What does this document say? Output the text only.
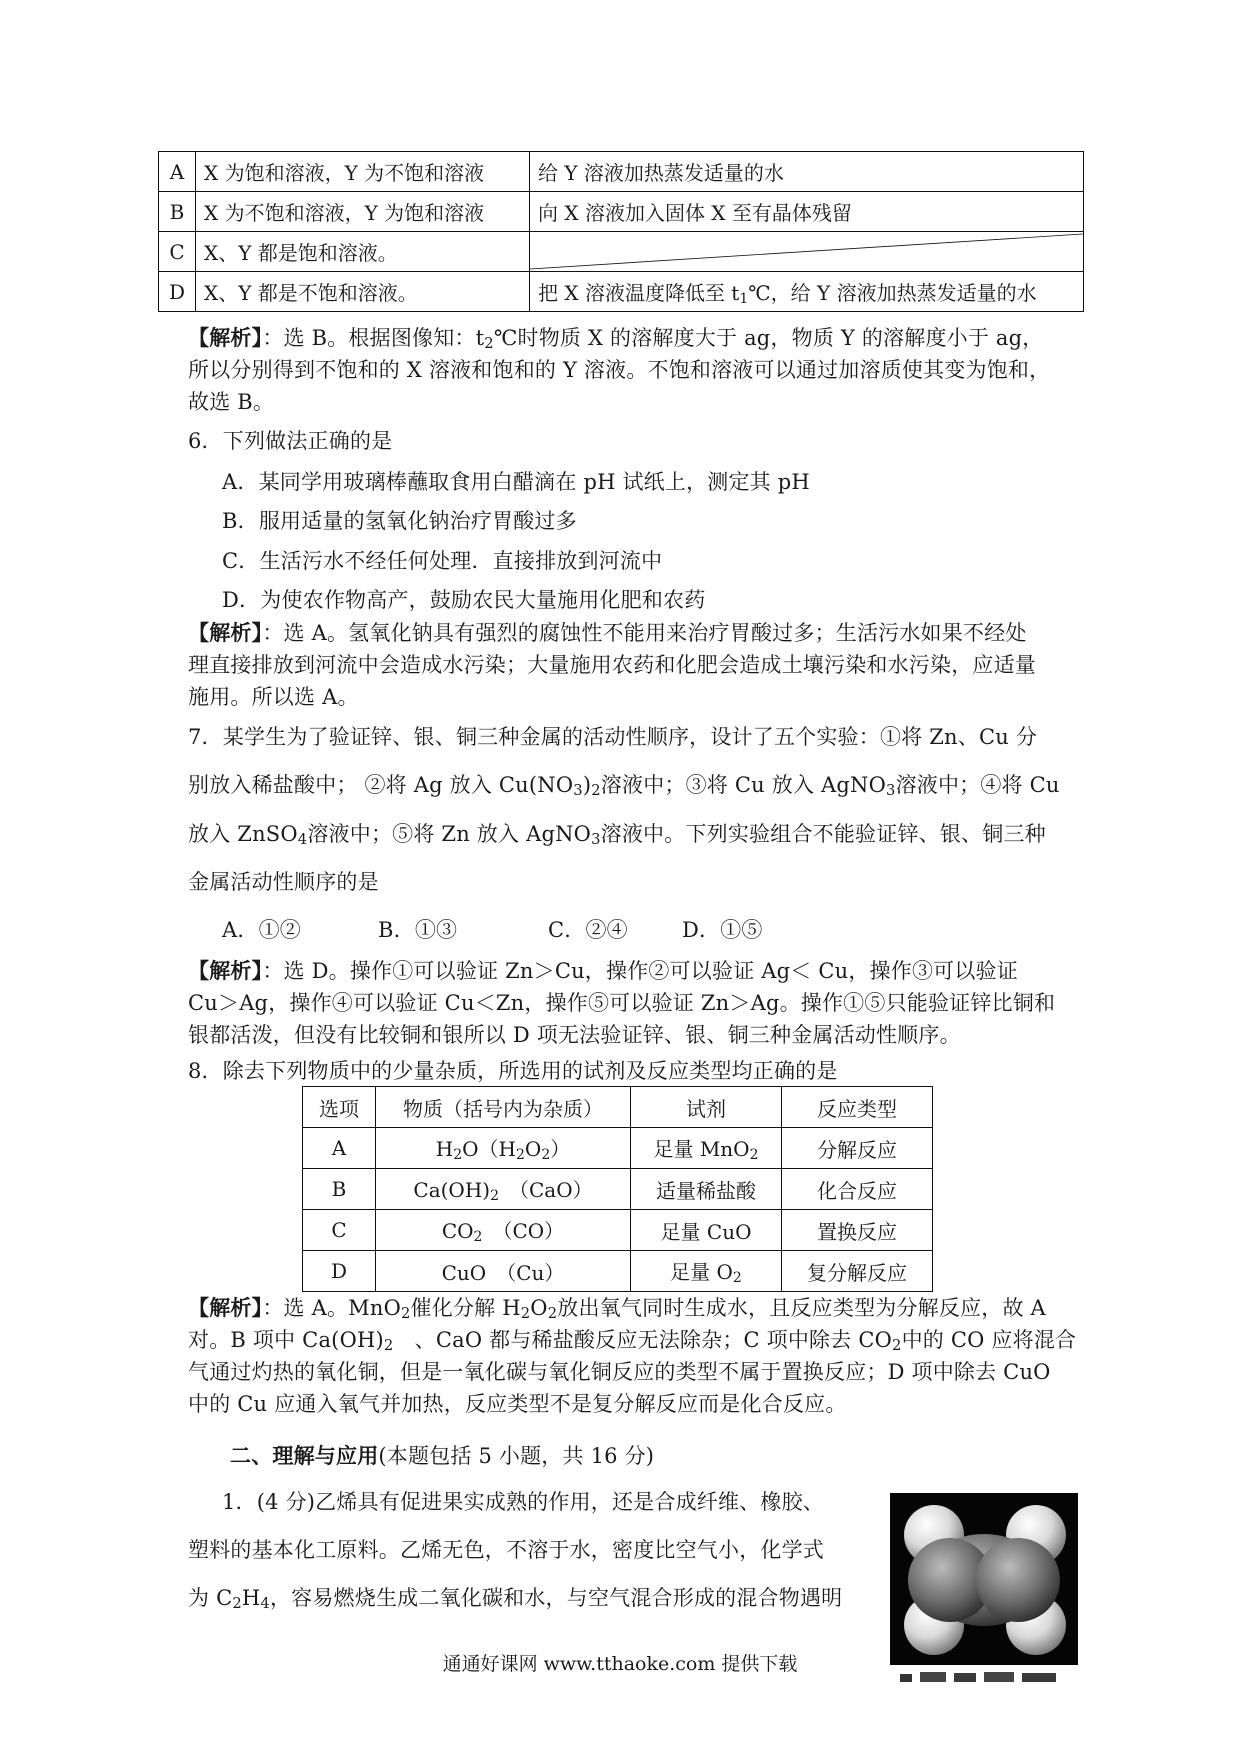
A	X 为饱和溶液，Y 为不饱和溶液	给 Y 溶液加热蒸发适量的水
B	X 为不饱和溶液，Y 为饱和溶液	向 X 溶液加入固体 X 至有晶体残留
C	X、Y 都是饱和溶液。	

D	X、Y 都是不饱和溶液。	把 X 溶液温度降低至 $t_1℃$，给 Y 溶液加热蒸发适量的水
【解析】：选 B。根据图像知：$t_2℃$时物质 X 的溶解度大于 ag，物质 Y 的溶解度小于 ag，
所以分别得到不饱和的 X 溶液和饱和的 Y 溶液。不饱和溶液可以通过加溶质使其变为饱和，
故选 B。
6．下列做法正确的是
A．某同学用玻璃棒蘸取食用白醋滴在 pH 试纸上，测定其 pH
B．服用适量的氢氧化钠治疗胃酸过多
C．生活污水不经任何处理．直接排放到河流中
D．为使农作物高产，鼓励农民大量施用化肥和农药
【解析】：选 A。氢氧化钠具有强烈的腐蚀性不能用来治疗胃酸过多；生活污水如果不经处
理直接排放到河流中会造成水污染；大量施用农药和化肥会造成土壤污染和水污染，应适量
施用。所以选 A。
7．某学生为了验证锌、银、铜三种金属的活动性顺序，设计了五个实验：①将 Zn、Cu 分
别放入稀盐酸中； ②将 Ag 放入 $Cu(NO_3)_2$溶液中；③将 Cu 放入 AgNO$_3$溶液中；④将 Cu
放入 ZnSO$_4$溶液中；⑤将 Zn 放入 AgNO$_3$溶液中。下列实验组合不能验证锌、银、铜三种
金属活动性顺序的是
A．①②	B．①③	C．②④	D．①⑤
【解析】：选 D。操作①可以验证 Zn＞Cu，操作②可以验证 Ag＜ Cu，操作③可以验证
Cu＞Ag，操作④可以验证 Cu＜Zn，操作⑤可以验证 Zn＞Ag。操作①⑤只能验证锌比铜和
银都活泼，但没有比较铜和银所以 D 项无法验证锌、银、铜三种金属活动性顺序。
8．除去下列物质中的少量杂质，所选用的试剂及反应类型均正确的是
选项	物质（括号内为杂质）	试剂	反应类型
A	$H_2O(H_2O_2)$	足量 MnO$_2$	分解反应
B	$Ca(OH)_2$　（CaO）	适量稀盐酸	化合反应
C	$CO_2$　（CO）	足量 CuO	置换反应
D	CuO　（Cu）	足量 $O_2$	复分解反应
【解析】：选 A。MnO$_2$催化分解 $H_2O_2$放出氧气同时生成水，且反应类型为分解反应，故 A
对。B 项中 $Ca(OH)_2$　、CaO 都与稀盐酸反应无法除杂；C 项中除去 $CO_2$中的 CO 应将混合
气通过灼热的氧化铜，但是一氧化碳与氧化铜反应的类型不属于置换反应；D 项中除去 CuO
中的 Cu 应通入氧气并加热，反应类型不是复分解反应而是化合反应。
二、理解与应用(本题包括 5 小题，共 16 分)
1．(4 分)乙烯具有促进果实成熟的作用，还是合成纤维、橡胶、
塑料的基本化工原料。乙烯无色，不溶于水，密度比空气小，化学式
为 $C_2H_4$，容易燃烧生成二氧化碳和水，与空气混合形成的混合物遇明
通通好课网 www.tthaoke.com 提供下载
